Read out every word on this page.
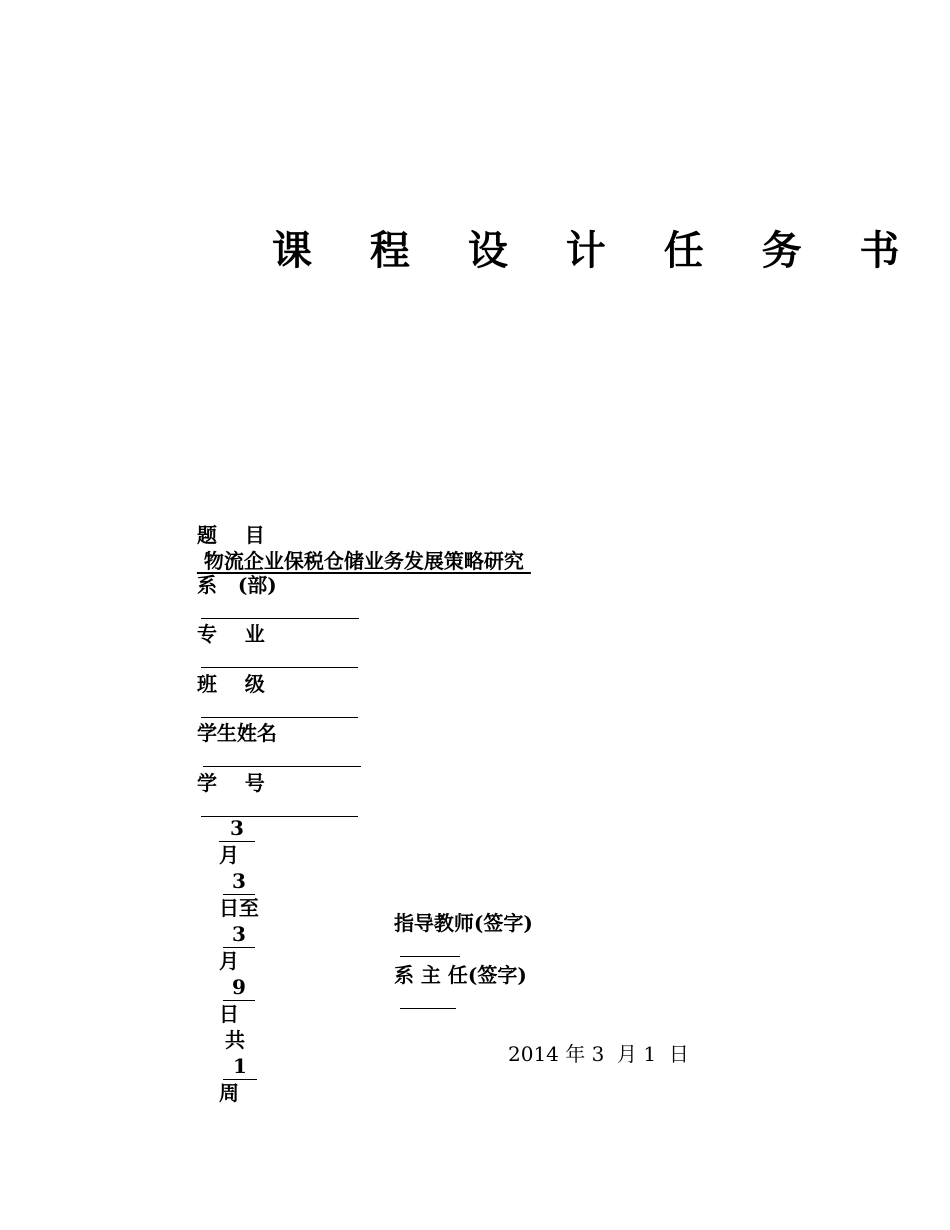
课 程 设 计 任 务 书

题    目
物流企业保税仓储业务发展策略研究

系   (部)

专    业

班    级

学生姓名

学    号

3
月
3
日至
3
月
9
日
共
1
周

指导教师(签字)

系 主 任(签字)

2014 年 3  月 1  日
